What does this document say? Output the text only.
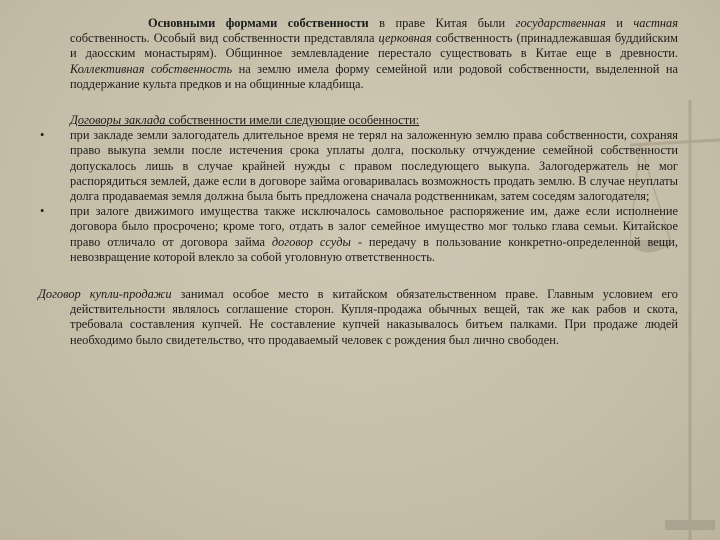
Основными формами собственности в праве Китая были государственная и частная собственность. Особый вид собственности представляла церковная собственность (принадлежавшая буддийским и даосским монастырям). Общинное землевладение перестало существовать в Китае еще в древности. Коллективная собственность на землю имела форму семейной или родовой собственности, выделенной на поддержание культа предков и на общинные кладбища.

Договоры заклада собственности имели следующие особенности:

• при закладе земли залогодатель длительное время не терял на заложенную землю права собственности, сохраняя право выкупа земли после истечения срока уплаты долга, поскольку отчуждение семейной собственности допускалось лишь в случае крайней нужды с правом последующего выкупа. Залогодержатель не мог распорядиться землей, даже если в договоре займа оговаривалась возможность продать землю. В случае неуплаты долга продаваемая земля должна была быть предложена сначала родственникам, затем соседям залогодателя;

• при залоге движимого имущества также исключалось самовольное распоряжение им, даже если исполнение договора было просрочено; кроме того, отдать в залог семейное имущество мог только глава семьи. Китайское право отличало от договора займа договор ссуды - передачу в пользование конкретно-определенной вещи, невозвращение которой влекло за собой уголовную ответственность.

Договор купли-продажи занимал особое место в китайском обязательственном праве. Главным условием его действительности являлось соглашение сторон. Купля-продажа обычных вещей, так же как рабов и скота, требовала составления купчей. Не составление купчей наказывалось битьем палками. При продаже людей необходимо было свидетельство, что продаваемый человек с рождения был лично свободен.
